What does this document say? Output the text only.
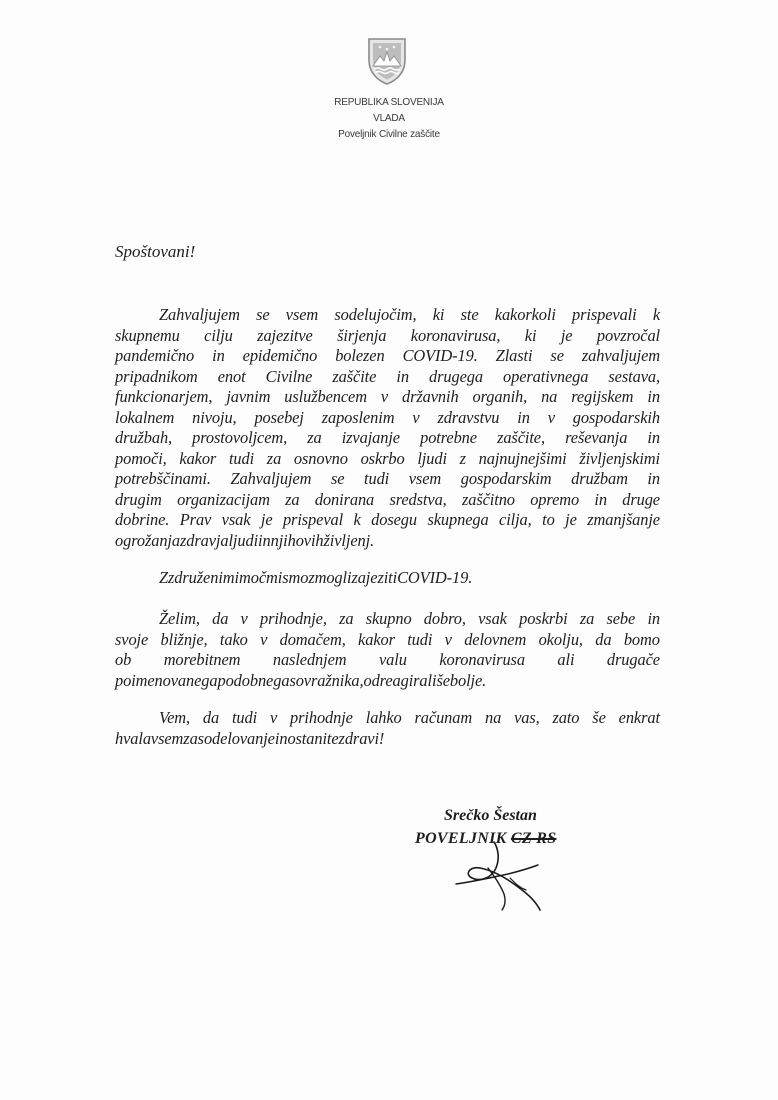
REPUBLIKA SLOVENIJA
VLADA
Poveljnik Civilne zaščite
Spoštovani!
Zahvaljujem se vsem sodelujočim, ki ste kakorkoli prispevali k
skupnemu cilju zajezitve širjenja koronavirusa, ki je povzročal
pandemično in epidemično bolezen COVID-19. Zlasti se zahvaljujem
pripadnikom enot Civilne zaščite in drugega operativnega sestava,
funkcionarjem, javnim uslužbencem v državnih organih, na regijskem in
lokalnem nivoju, posebej zaposlenim v zdravstvu in v gospodarskih
družbah, prostovoljcem, za izvajanje potrebne zaščite, reševanja in
pomoči, kakor tudi za osnovno oskrbo ljudi z najnujnejšimi življenjskimi
potrebščinami. Zahvaljujem se tudi vsem gospodarskim družbam in
drugim organizacijam za donirana sredstva, zaščitno opremo in druge
dobrine. Prav vsak je prispeval k dosegu skupnega cilja, to je zmanjšanje
ogrožanja zdravja ljudi in njihovih življenj.
Z združenimi močmi smo zmogli zajeziti COVID-19.
Želim, da v prihodnje, za skupno dobro, vsak poskrbi za sebe in
svoje bližnje, tako v domačem, kakor tudi v delovnem okolju, da bomo
ob morebitnem naslednjem valu koronavirusa ali drugače
poimenovanega podobnega sovražnika, odreagirali še bolje.
Vem, da tudi v prihodnje lahko računam na vas, zato še enkrat
hvala vsem za sodelovanje in ostanite zdravi!
Srečko Šestan
POVELJNIK CZ RS
